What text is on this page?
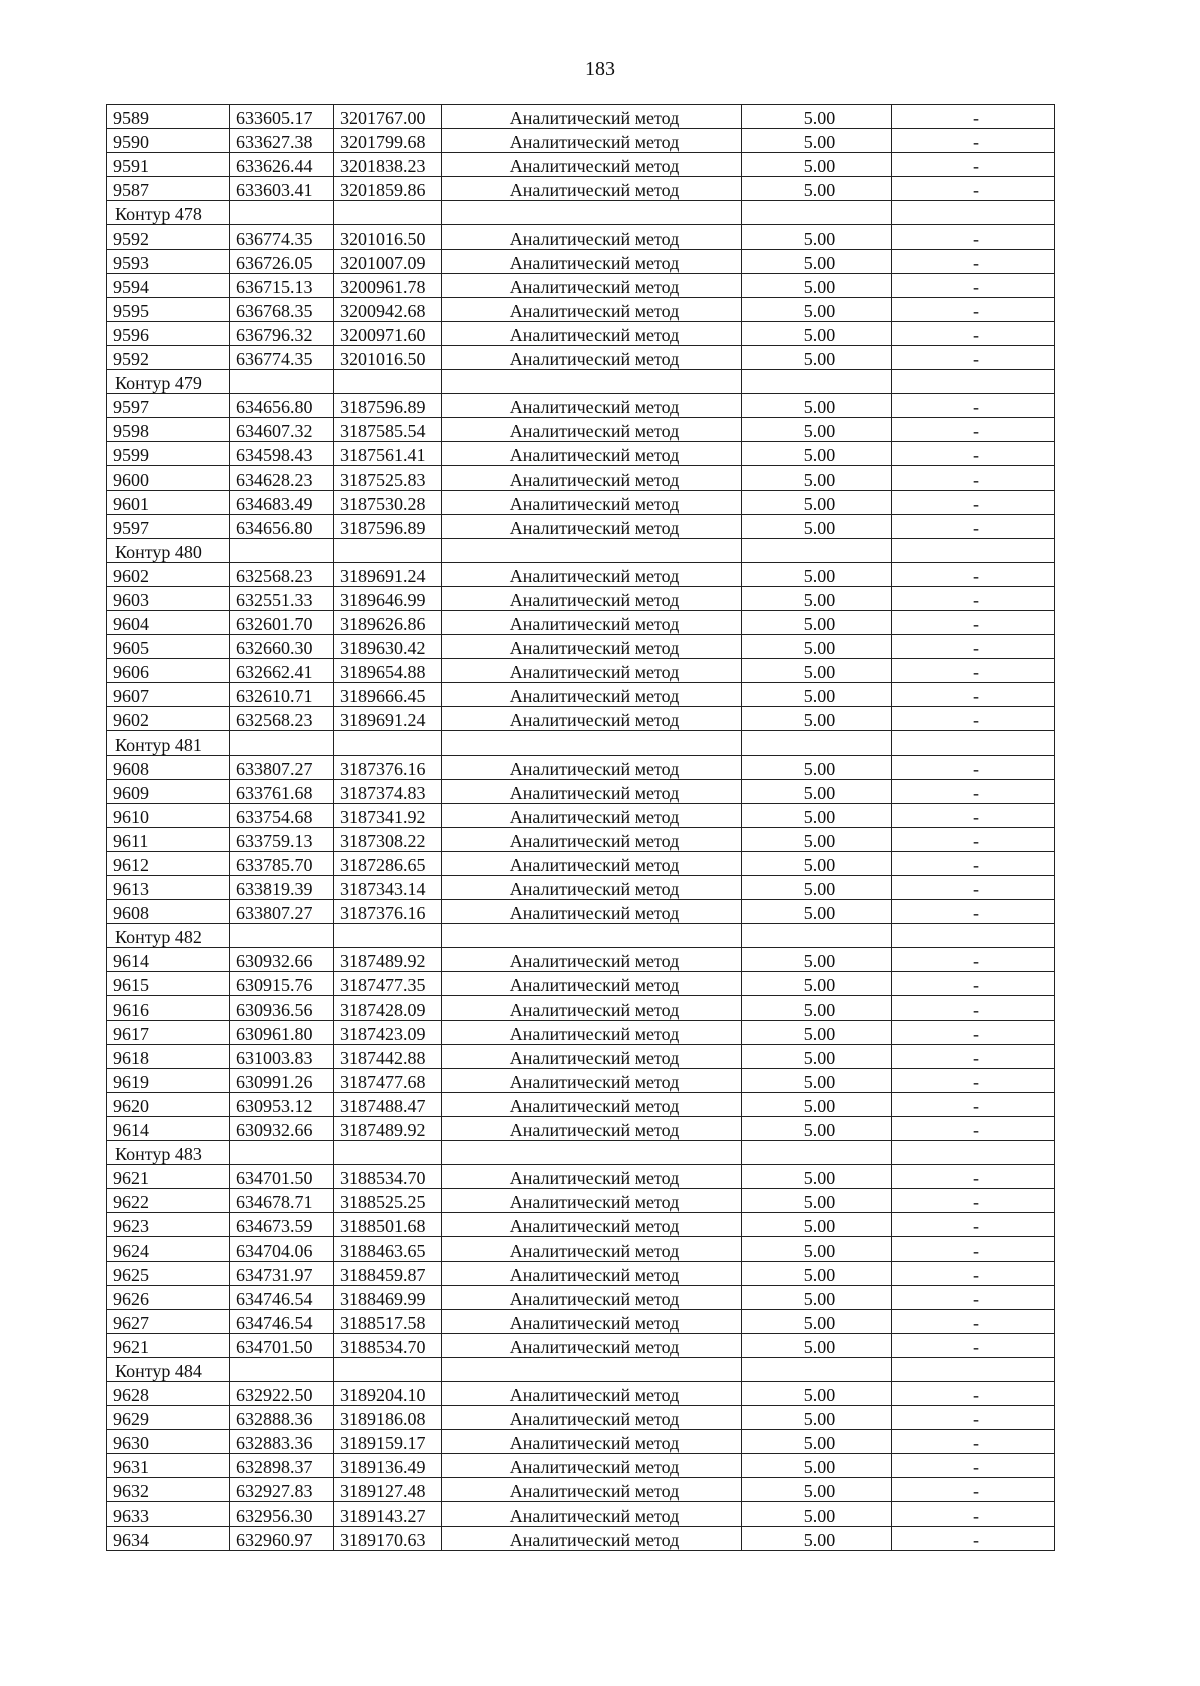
183
9589	633605.17	3201767.00	Аналитический метод	5.00	-
9590	633627.38	3201799.68	Аналитический метод	5.00	-
9591	633626.44	3201838.23	Аналитический метод	5.00	-
9587	633603.41	3201859.86	Аналитический метод	5.00	-
Контур 478					
9592	636774.35	3201016.50	Аналитический метод	5.00	-
9593	636726.05	3201007.09	Аналитический метод	5.00	-
9594	636715.13	3200961.78	Аналитический метод	5.00	-
9595	636768.35	3200942.68	Аналитический метод	5.00	-
9596	636796.32	3200971.60	Аналитический метод	5.00	-
9592	636774.35	3201016.50	Аналитический метод	5.00	-
Контур 479					
9597	634656.80	3187596.89	Аналитический метод	5.00	-
9598	634607.32	3187585.54	Аналитический метод	5.00	-
9599	634598.43	3187561.41	Аналитический метод	5.00	-
9600	634628.23	3187525.83	Аналитический метод	5.00	-
9601	634683.49	3187530.28	Аналитический метод	5.00	-
9597	634656.80	3187596.89	Аналитический метод	5.00	-
Контур 480					
9602	632568.23	3189691.24	Аналитический метод	5.00	-
9603	632551.33	3189646.99	Аналитический метод	5.00	-
9604	632601.70	3189626.86	Аналитический метод	5.00	-
9605	632660.30	3189630.42	Аналитический метод	5.00	-
9606	632662.41	3189654.88	Аналитический метод	5.00	-
9607	632610.71	3189666.45	Аналитический метод	5.00	-
9602	632568.23	3189691.24	Аналитический метод	5.00	-
Контур 481					
9608	633807.27	3187376.16	Аналитический метод	5.00	-
9609	633761.68	3187374.83	Аналитический метод	5.00	-
9610	633754.68	3187341.92	Аналитический метод	5.00	-
9611	633759.13	3187308.22	Аналитический метод	5.00	-
9612	633785.70	3187286.65	Аналитический метод	5.00	-
9613	633819.39	3187343.14	Аналитический метод	5.00	-
9608	633807.27	3187376.16	Аналитический метод	5.00	-
Контур 482					
9614	630932.66	3187489.92	Аналитический метод	5.00	-
9615	630915.76	3187477.35	Аналитический метод	5.00	-
9616	630936.56	3187428.09	Аналитический метод	5.00	-
9617	630961.80	3187423.09	Аналитический метод	5.00	-
9618	631003.83	3187442.88	Аналитический метод	5.00	-
9619	630991.26	3187477.68	Аналитический метод	5.00	-
9620	630953.12	3187488.47	Аналитический метод	5.00	-
9614	630932.66	3187489.92	Аналитический метод	5.00	-
Контур 483					
9621	634701.50	3188534.70	Аналитический метод	5.00	-
9622	634678.71	3188525.25	Аналитический метод	5.00	-
9623	634673.59	3188501.68	Аналитический метод	5.00	-
9624	634704.06	3188463.65	Аналитический метод	5.00	-
9625	634731.97	3188459.87	Аналитический метод	5.00	-
9626	634746.54	3188469.99	Аналитический метод	5.00	-
9627	634746.54	3188517.58	Аналитический метод	5.00	-
9621	634701.50	3188534.70	Аналитический метод	5.00	-
Контур 484					
9628	632922.50	3189204.10	Аналитический метод	5.00	-
9629	632888.36	3189186.08	Аналитический метод	5.00	-
9630	632883.36	3189159.17	Аналитический метод	5.00	-
9631	632898.37	3189136.49	Аналитический метод	5.00	-
9632	632927.83	3189127.48	Аналитический метод	5.00	-
9633	632956.30	3189143.27	Аналитический метод	5.00	-
9634	632960.97	3189170.63	Аналитический метод	5.00	-
